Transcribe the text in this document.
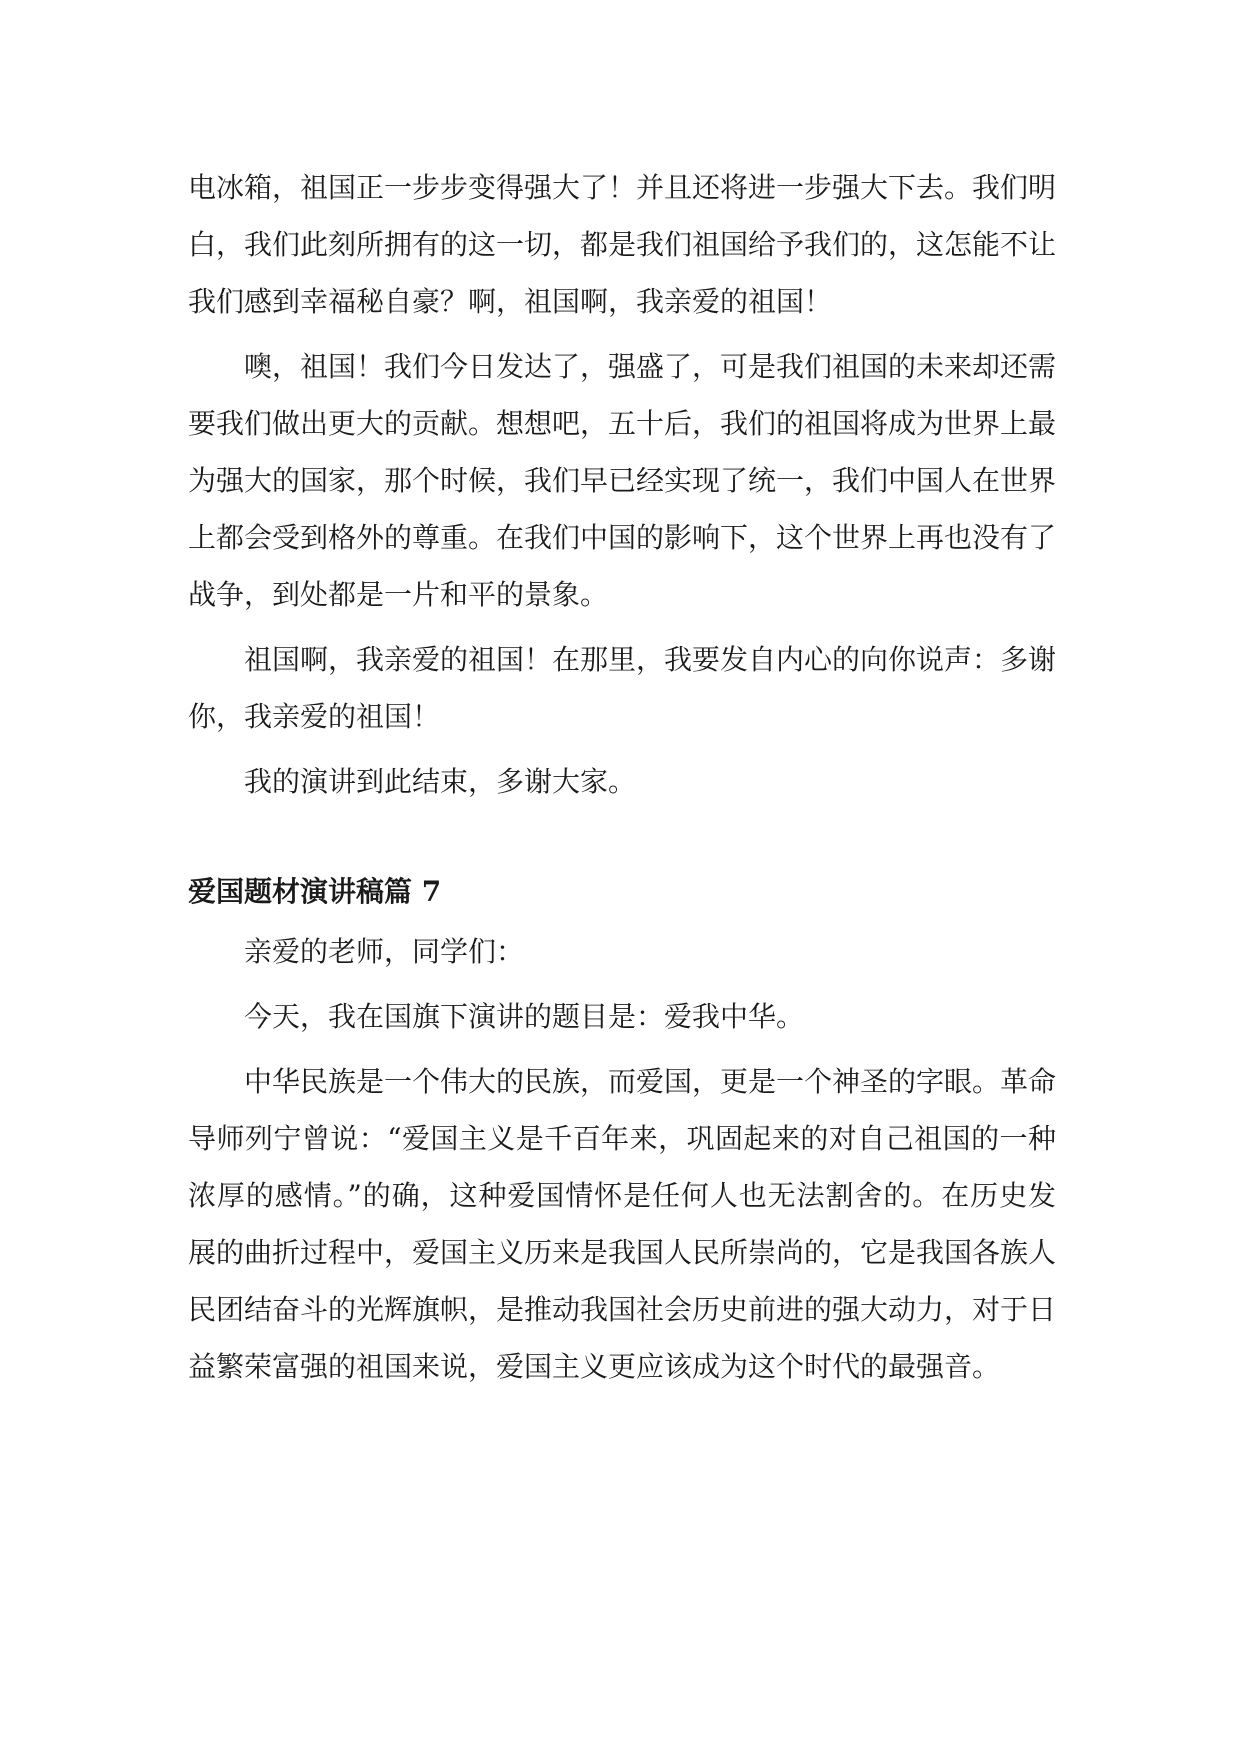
电冰箱，祖国正一步步变得强大了！并且还将进一步强大下去。我们明白，我们此刻所拥有的这一切，都是我们祖国给予我们的，这怎能不让我们感到幸福秘自豪？啊，祖国啊，我亲爱的祖国！

噢，祖国！我们今日发达了，强盛了，可是我们祖国的未来却还需要我们做出更大的贡献。想想吧，五十后，我们的祖国将成为世界上最为强大的国家，那个时候，我们早已经实现了统一，我们中国人在世界上都会受到格外的尊重。在我们中国的影响下，这个世界上再也没有了战争，到处都是一片和平的景象。

祖国啊，我亲爱的祖国！在那里，我要发自内心的向你说声：多谢你，我亲爱的祖国！

我的演讲到此结束，多谢大家。

爱国题材演讲稿篇 7

亲爱的老师，同学们：

今天，我在国旗下演讲的题目是：爱我中华。

中华民族是一个伟大的民族，而爱国，更是一个神圣的字眼。革命导师列宁曾说：“爱国主义是千百年来，巩固起来的对自己祖国的一种浓厚的感情。”的确，这种爱国情怀是任何人也无法割舍的。在历史发展的曲折过程中，爱国主义历来是我国人民所崇尚的，它是我国各族人民团结奋斗的光辉旗帜，是推动我国社会历史前进的强大动力，对于日益繁荣富强的祖国来说，爱国主义更应该成为这个时代的最强音。
